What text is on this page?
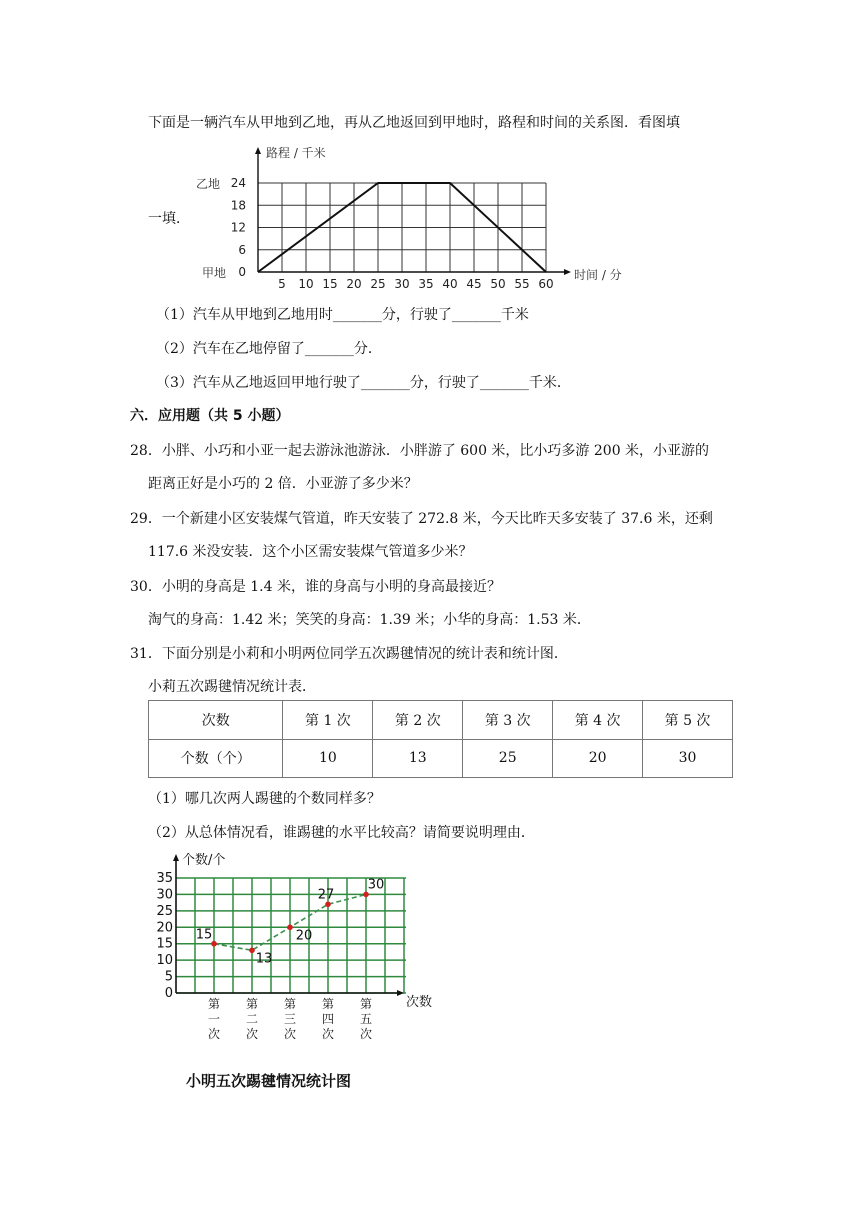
下面是一辆汽车从甲地到乙地，再从乙地返回到甲地时，路程和时间的关系图．看图填
一填．
0
6
12
18
24
5 10 15 20 25 30 35 40 45 50 55 60
路程 / 千米
时间 / 分
乙地
甲地
（1）汽车从甲地到乙地用时_______分，行驶了_______千米
（2）汽车在乙地停留了_______分．
（3）汽车从乙地返回甲地行驶了_______分，行驶了_______千米．
六．应用题（共 5 小题）
28．小胖、小巧和小亚一起去游泳池游泳．小胖游了 600 米，比小巧多游 200 米，小亚游的
距离正好是小巧的 2 倍．小亚游了多少米？
29．一个新建小区安装煤气管道，昨天安装了 272.8 米，今天比昨天多安装了 37.6 米，还剩
117.6 米没安装．这个小区需安装煤气管道多少米？
30．小明的身高是 1.4 米，谁的身高与小明的身高最接近？
淘气的身高：1.42 米；笑笑的身高：1.39 米；小华的身高：1.53 米．
31．下面分别是小莉和小明两位同学五次踢毽情况的统计表和统计图．
小莉五次踢毽情况统计表．
次数	第 1 次	第 2 次	第 3 次	第 4 次	第 5 次
个数（个）	10	13	25	20	30
（1）哪几次两人踢毽的个数同样多？
（2）从总体情况看，谁踢毽的水平比较高？请简要说明理由．
0
5
10
15
20
25
30
35
第
一
次
第
二
次
第
三
次
第
四
次
第
五
次
15
13
20
27
30
个数/个
次数
小明五次踢毽情况统计图
